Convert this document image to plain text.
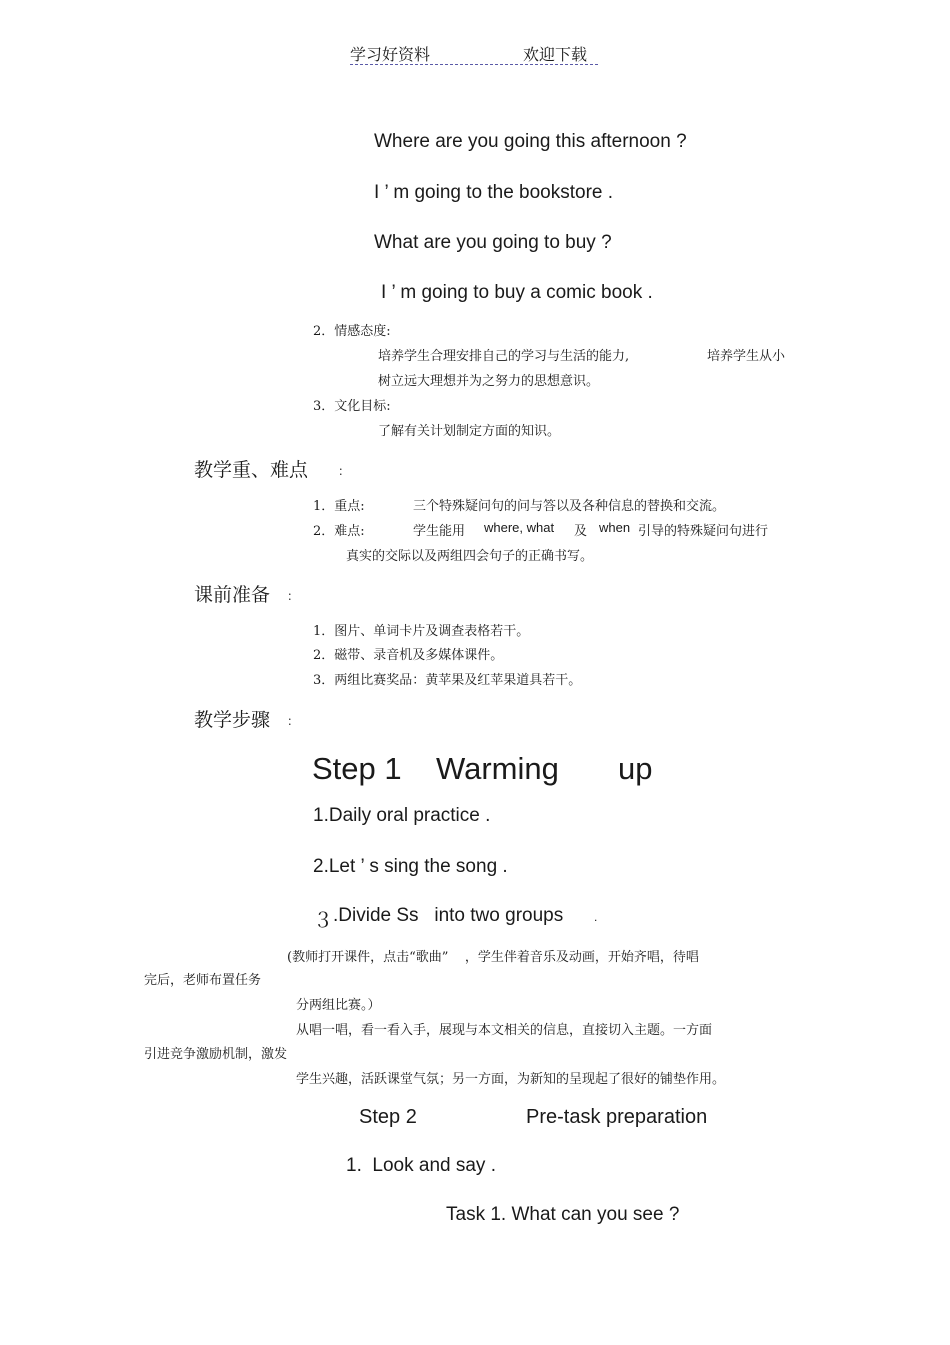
学习好资料	欢迎下载
Where are you going this afternoon ?
I ’ m going to the bookstore .
What are you going to buy ?
I ’ m going to buy a comic book .
2．情感态度:
培养学生合理安排自己的学习与生活的能力,	培养学生从小
树立远大理想并为之努力的思想意识。
3．文化目标:
了解有关计划制定方面的知识。
教学重、难点 ：
1．重点:	三个特殊疑问句的问与答以及各种信息的替换和交流。
2．难点:	学生能用 where, what 及 when 引导的特殊疑问句进行
真实的交际以及两组四会句子的正确书写。
课前准备 ：
1．图片、单词卡片及调查表格若干。
2．磁带、录音机及多媒体课件。
3．两组比赛奖品：黄苹果及红苹果道具若干。
教学步骤 ：
Step 1 Warming up
1.Daily oral practice .
2.Let ’ s sing the song .
３ .Divide Ss   into two groups	.
(教师打开课件，点击“歌曲”    ，学生伴着音乐及动画，开始齐唱，待唱
完后，老师布置任务
分两组比赛。）
从唱一唱，看一看入手，展现与本文相关的信息，直接切入主题。一方面
引进竞争激励机制，激发
学生兴趣，活跃课堂气氛；另一方面，为新知的呈现起了很好的铺垫作用。
Step 2	Pre-task preparation
1.  Look and say .
Task 1. What can you see ?
